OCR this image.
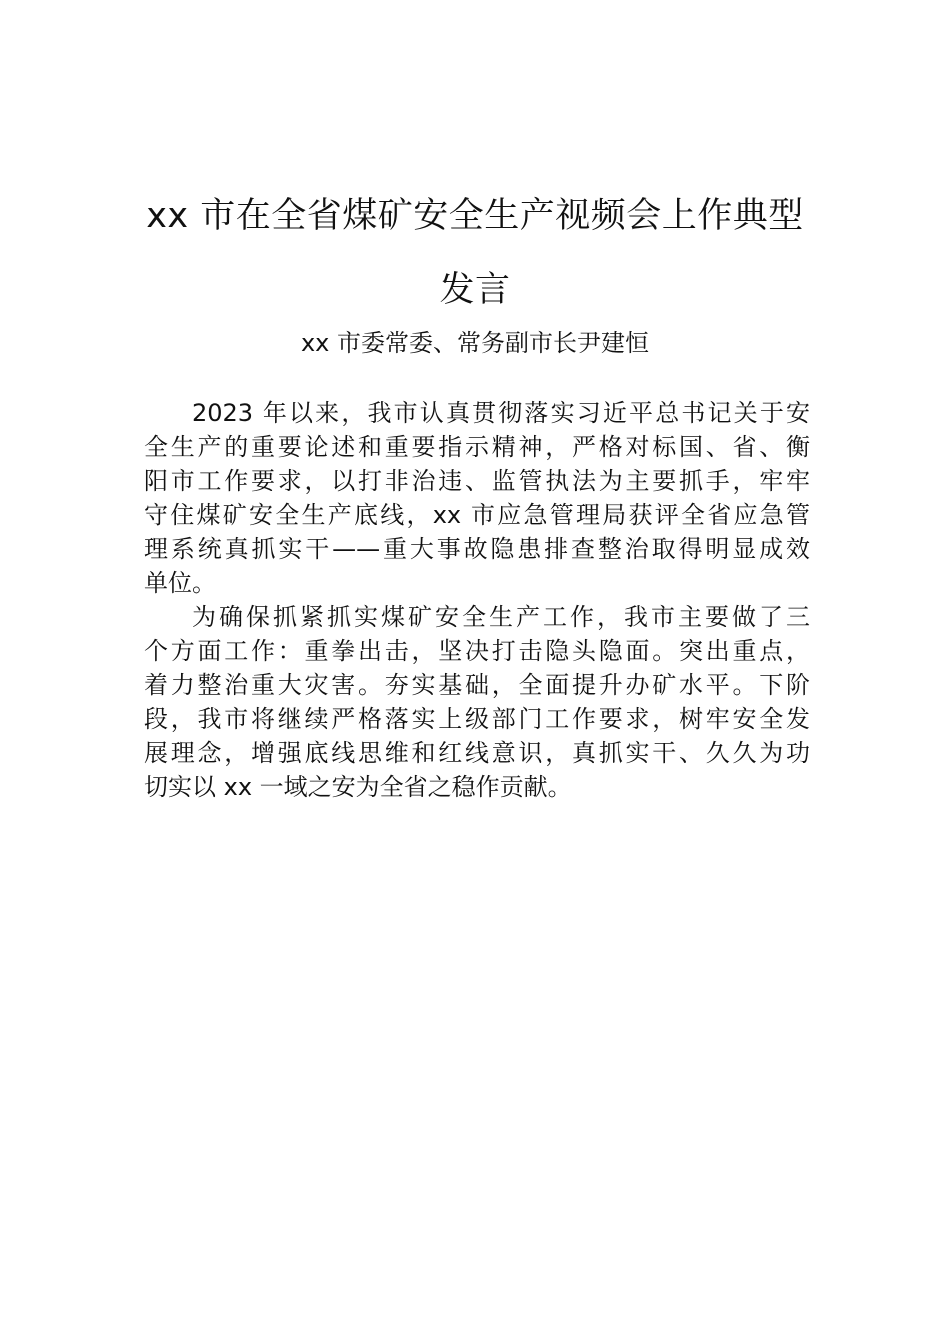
xx 市在全省煤矿安全生产视频会上作典型
发言
xx 市委常委、常务副市长尹建恒
2023 年以来，我市认真贯彻落实习近平总书记关于安
全生产的重要论述和重要指示精神，严格对标国、省、衡
阳市工作要求，以打非治违、监管执法为主要抓手，牢牢
守住煤矿安全生产底线，xx 市应急管理局获评全省应急管
理系统真抓实干——重大事故隐患排查整治取得明显成效
单位。
为确保抓紧抓实煤矿安全生产工作，我市主要做了三
个方面工作：重拳出击，坚决打击隐头隐面。突出重点，
着力整治重大灾害。夯实基础，全面提升办矿水平。下阶
段，我市将继续严格落实上级部门工作要求，树牢安全发
展理念，增强底线思维和红线意识，真抓实干、久久为功
切实以 xx 一域之安为全省之稳作贡献。
